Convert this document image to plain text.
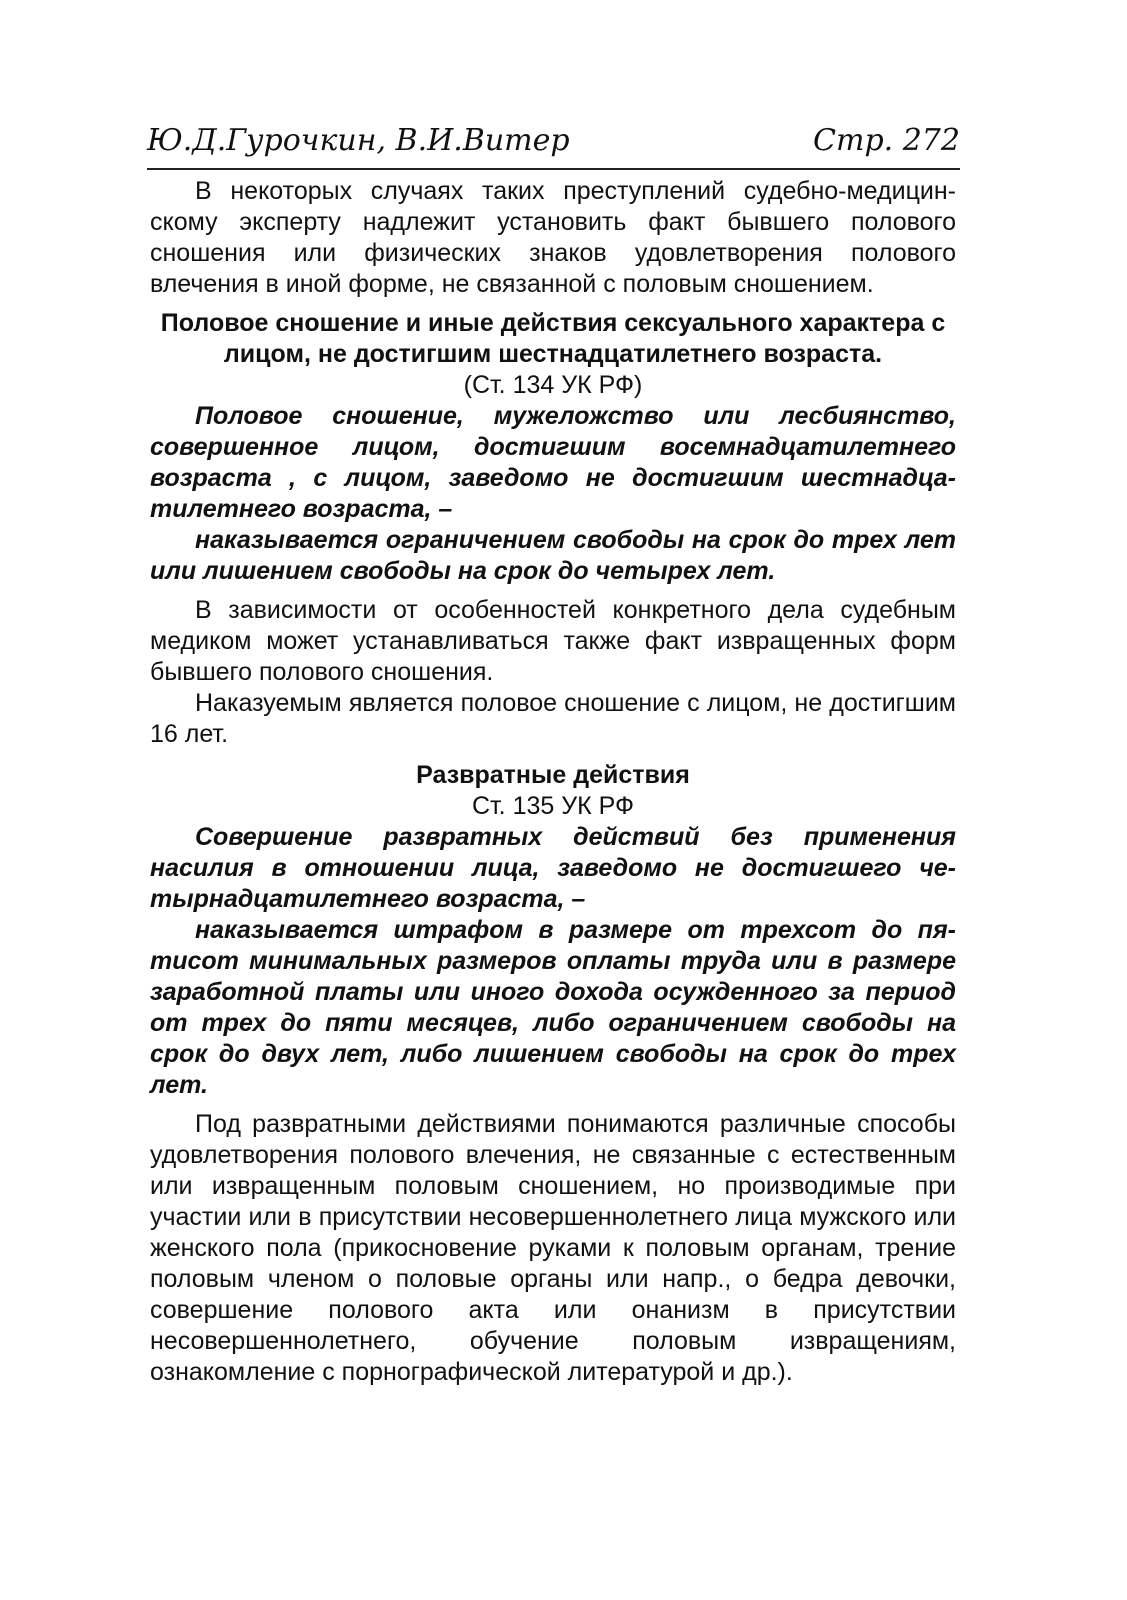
Ю.Д.Гурочкин, В.И.Витер	Стр. 272

В некоторых случаях таких преступлений судебно-медицинскому эксперту надлежит установить факт бывшего полового сношения или физических знаков удовлетворения полового влечения в иной форме, не связанной с половым сношением.

Половое сношение и иные действия сексуального характера с лицом, не достигшим шестнадцатилетнего возраста.

(Ст. 134 УК РФ)

Половое сношение, мужеложство или лесбиянство, совершенное лицом, достигшим восемнадцатилетнего возраста , с лицом, заведомо не достигшим шестнадцатилетнего возраста, –

наказывается ограничением свободы на срок до трех лет или лишением свободы на срок до четырех лет.

В зависимости от особенностей конкретного дела судебным медиком может устанавливаться также факт извращенных форм бывшего полового сношения.

Наказуемым является половое сношение с лицом, не достигшим 16 лет.

Развратные действия

Ст. 135 УК РФ

Совершение развратных действий без применения насилия в отношении лица, заведомо не достигшего четырнадцатилетнего возраста, –

наказывается штрафом в размере от трехсот до пятисот минимальных размеров оплаты труда или в размере заработной платы или иного дохода осужденного за период от трех до пяти месяцев, либо ограничением свободы на срок до двух лет, либо лишением свободы на срок до трех лет.

Под развратными действиями понимаются различные способы удовлетворения полового влечения, не связанные с естественным или извращенным половым сношением, но производимые при участии или в присутствии несовершеннолетнего лица мужского или женского пола (прикосновение руками к половым органам, трение половым членом о половые органы или напр., о бедра девочки, совершение полового акта или онанизм в присутствии несовершеннолетнего, обучение половым извращениям, ознакомление с порнографической литературой и др.).
